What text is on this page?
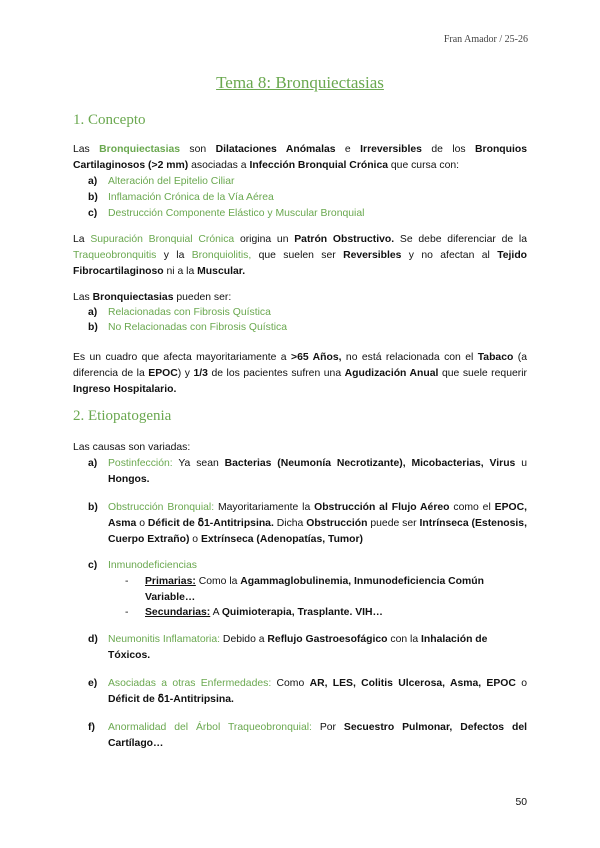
Fran Amador / 25-26
Tema 8: Bronquiectasias
1. Concepto
Las Bronquiectasias son Dilataciones Anómalas e Irreversibles de los Bronquios Cartilaginosos (>2 mm) asociadas a Infección Bronquial Crónica que cursa con:
a) Alteración del Epitelio Ciliar
b) Inflamación Crónica de la Vía Aérea
c) Destrucción Componente Elástico y Muscular Bronquial
La Supuración Bronquial Crónica origina un Patrón Obstructivo. Se debe diferenciar de la Traqueobronquitis y la Bronquiolitis, que suelen ser Reversibles y no afectan al Tejido Fibrocartilaginoso ni a la Muscular.
Las Bronquiectasias pueden ser:
a) Relacionadas con Fibrosis Quística
b) No Relacionadas con Fibrosis Quística
Es un cuadro que afecta mayoritariamente a >65 Años, no está relacionada con el Tabaco (a diferencia de la EPOC) y 1/3 de los pacientes sufren una Agudización Anual que suele requerir Ingreso Hospitalario.
2. Etiopatogenia
Las causas son variadas:
a) Postinfección: Ya sean Bacterias (Neumonía Necrotizante), Micobacterias, Virus u Hongos.
b) Obstrucción Bronquial: Mayoritariamente la Obstrucción al Flujo Aéreo como el EPOC, Asma o Déficit de ẟ1-Antitripsina. Dicha Obstrucción puede ser Intrínseca (Estenosis, Cuerpo Extraño) o Extrínseca (Adenopatías, Tumor)
c) Inmunodeficiencias
- Primarias: Como la Agammaglobulinemia, Inmunodeficiencia Común Variable…
- Secundarias: A Quimioterapia, Trasplante. VIH…
d) Neumonitis Inflamatoria: Debido a Reflujo Gastroesofágico con la Inhalación de Tóxicos.
e) Asociadas a otras Enfermedades: Como AR, LES, Colitis Ulcerosa, Asma, EPOC o Déficit de ẟ1-Antitripsina.
f) Anormalidad del Árbol Traqueobronquial: Por Secuestro Pulmonar, Defectos del Cartílago…
50
